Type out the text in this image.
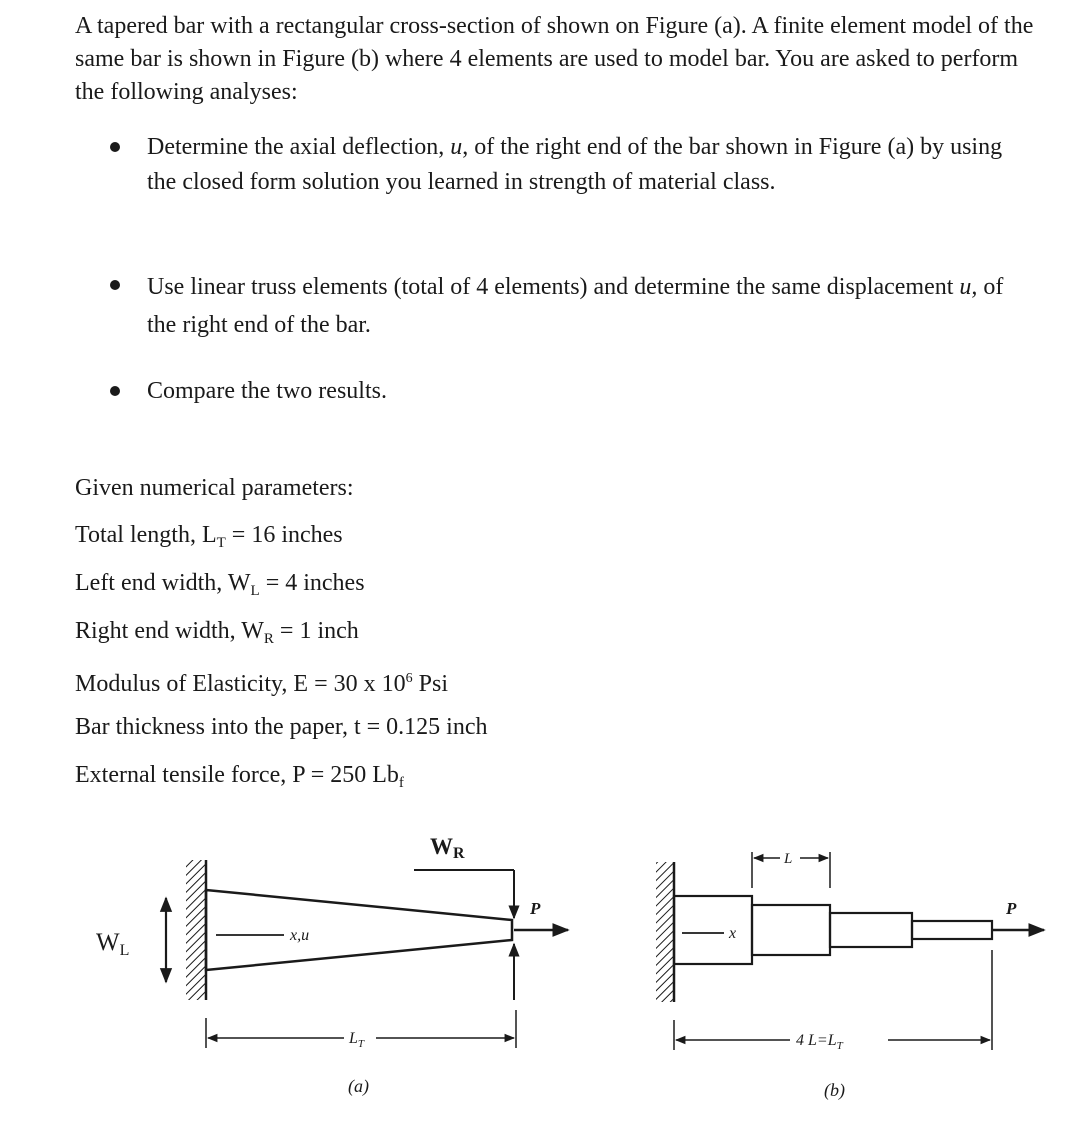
A tapered bar with a rectangular cross-section of shown on Figure (a). A finite element model of the same bar is shown in Figure (b) where 4 elements are used to model bar. You are asked to perform the following analyses:

Determine the axial deflection, u, of the right end of the bar shown in Figure (a) by using the closed form solution you learned in strength of material class.
Use linear truss elements (total of 4 elements) and determine the same displacement u, of the right end of the bar.
Compare the two results.
Given numerical parameters:
Total length, $L_T = 16$ inches
Left end width, $W_L = 4$ inches
Right end width, $W_R = 1$ inch
Modulus of Elasticity, E = 30 x $10^6$ Psi
Bar thickness into the paper, t = 0.125 inch
External tensile force, P = 250 $Lb_f$
x,u
$W_L$
WR
P
$L_T$
(a)
x
L
P
4 $L=L_T$
(b)
